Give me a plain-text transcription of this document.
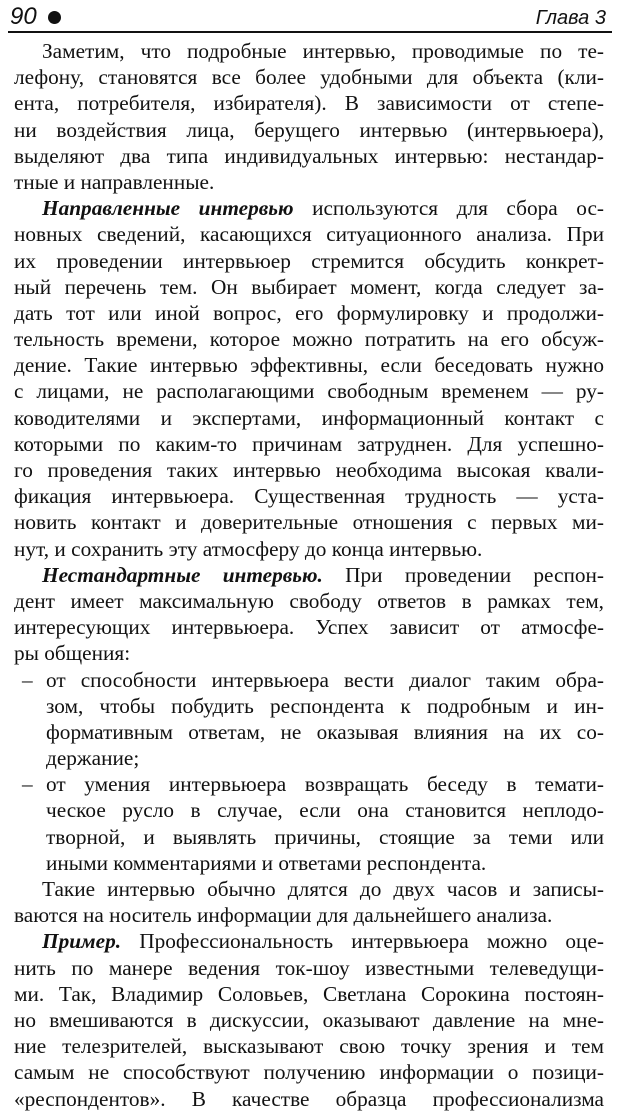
90	Глава 3
Заметим, что подробные интервью, проводимые по те-
лефону, становятся все более удобными для объекта (кли-
ента, потребителя, избирателя). В зависимости от степе-
ни воздействия лица, берущего интервью (интервьюера),
выделяют два типа индивидуальных интервью: нестандар-
тные и направленные.
Направленные интервью используются для сбора ос-
новных сведений, касающихся ситуационного анализа. При
их проведении интервьюер стремится обсудить конкрет-
ный перечень тем. Он выбирает момент, когда следует за-
дать тот или иной вопрос, его формулировку и продолжи-
тельность времени, которое можно потратить на его обсуж-
дение. Такие интервью эффективны, если беседовать нужно
с лицами, не располагающими свободным временем — ру-
ководителями и экспертами, информационный контакт с
которыми по каким-то причинам затруднен. Для успешно-
го проведения таких интервью необходима высокая квали-
фикация интервьюера. Существенная трудность — уста-
новить контакт и доверительные отношения с первых ми-
нут, и сохранить эту атмосферу до конца интервью.
Нестандартные интервью. При проведении респон-
дент имеет максимальную свободу ответов в рамках тем,
интересующих интервьюера. Успех зависит от атмосфе-
ры общения:
– от способности интервьюера вести диалог таким обра-
зом, чтобы побудить респондента к подробным и ин-
формативным ответам, не оказывая влияния на их со-
держание;
– от умения интервьюера возвращать беседу в темати-
ческое русло в случае, если она становится неплодо-
творной, и выявлять причины, стоящие за теми или
иными комментариями и ответами респондента.
Такие интервью обычно длятся до двух часов и записы-
ваются на носитель информации для дальнейшего анализа.
Пример. Профессиональность интервьюера можно оце-
нить по манере ведения ток-шоу известными телеведущи-
ми. Так, Владимир Соловьев, Светлана Сорокина постоян-
но вмешиваются в дискуссии, оказывают давление на мне-
ние телезрителей, высказывают свою точку зрения и тем
самым не способствуют получению информации о позици-
«респондентов». В качестве образца профессионализма
